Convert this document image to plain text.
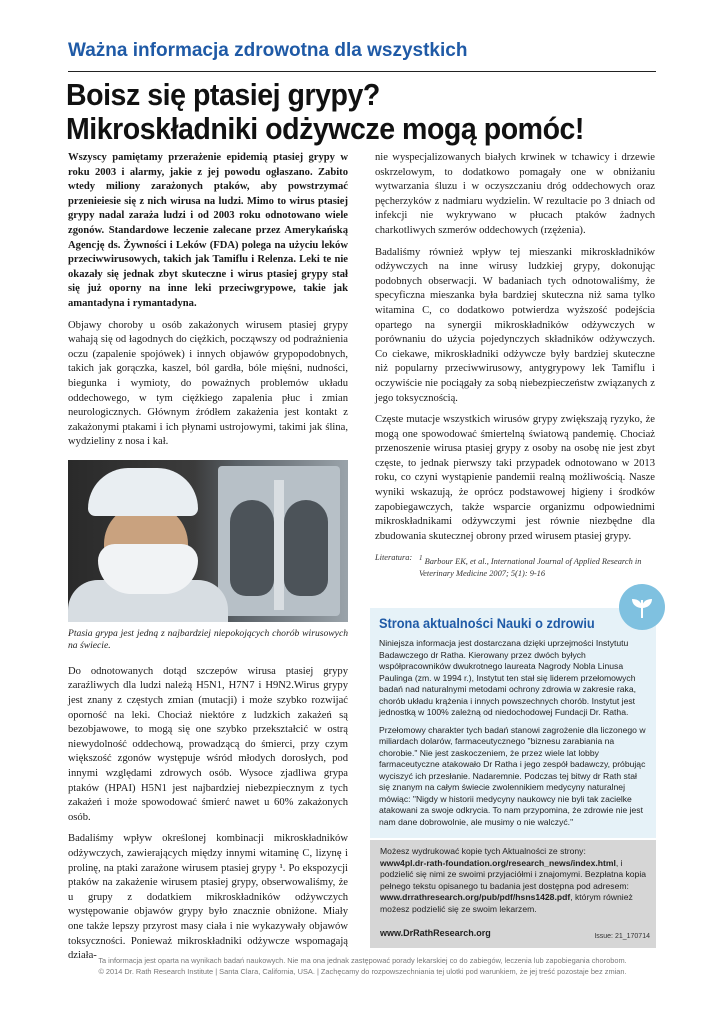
Ważna informacja zdrowotna dla wszystkich
Boisz się ptasiej grypy?
Mikroskładniki odżywcze mogą pomóc!

Wszyscy pamiętamy przerażenie epidemią ptasiej grypy w roku 2003 i alarmy, jakie z jej powodu ogłaszano. Zabito wtedy miliony zarażonych ptaków, aby powstrzymać przenieiesie się z nich wirusa na ludzi. Mimo to wirus ptasiej grypy nadal zaraża ludzi i od 2003 roku odnotowano wiele zgonów. Standardowe leczenie zalecane przez Amerykańską Agencję ds. Żywności i Leków (FDA) polega na użyciu leków przeciwwirusowych, takich jak Tamiflu i Relenza. Leki te nie okazały się jednak zbyt skuteczne i wirus ptasiej grypy stał się już oporny na inne leki przeciwgrypowe, takie jak amantadyna i rymantadyna.

Objawy choroby u osób zakażonych wirusem ptasiej grypy wahają się od łagodnych do ciężkich, począwszy od podrażnienia oczu (zapalenie spojówek) i innych objawów grypopodobnych, takich jak gorączka, kaszel, ból gardła, bóle mięśni, nudności, biegunka i wymioty, do poważnych problemów układu oddechowego, w tym ciężkiego zapalenia płuc i zmian neurologicznych. Głównym źródłem zakażenia jest kontakt z zakażonymi ptakami i ich płynami ustrojowymi, takimi jak ślina, wydzieliny z nosa i kał.

Ptasia grypa jest jedną z najbardziej niepokojących chorób wirusowych na świecie.

Do odnotowanych dotąd szczepów wirusa ptasiej grypy zaraźliwych dla ludzi należą H5N1, H7N7 i H9N2.Wirus grypy jest znany z częstych zmian (mutacji) i może szybko rozwijać oporność na leki. Chociaż niektóre z ludzkich zakażeń są bezobjawowe, to mogą się one szybko przekształcić w ostrą niewydolność oddechową, prowadzącą do śmierci, przy czym większość zgonów występuje wśród młodych dorosłych, pod innymi względami zdrowych osób. Wysoce zjadliwa grypa ptaków (HPAI) H5N1 jest najbardziej niebezpiecznym z tych zakażeń i może spowodować śmierć nawet u 60% zakażonych osób.

Badaliśmy wpływ określonej kombinacji mikroskładników odżywczych, zawierających między innymi witaminę C, lizynę i prolinę, na ptaki zarażone wirusem ptasiej grypy ¹. Po ekspozycji ptaków na zakażenie wirusem ptasiej grypy, obserwowaliśmy, że u grupy z dodatkiem mikroskładników odżywczych występowanie objawów grypy było znacznie obniżone. Miały one także lepszy przyrost masy ciała i nie wykazywały objawów toksyczności. Ponieważ mikroskładniki odżywcze wspomagają działa-

nie wyspecjalizowanych białych krwinek w tchawicy i drzewie oskrzelowym, to dodatkowo pomagały one w obniżaniu wytwarzania śluzu i w oczyszczaniu dróg oddechowych oraz pęcherzyków z nadmiaru wydzielin. W rezultacie po 3 dniach od infekcji nie wykrywano w płucach ptaków żadnych charkotliwych szmerów oddechowych (rzężenia).

Badaliśmy również wpływ tej mieszanki mikroskładników odżywczych na inne wirusy ludzkiej grypy, dokonując podobnych obserwacji. W badaniach tych odnotowaliśmy, że specyficzna mieszanka była bardziej skuteczna niż sama tylko witamina C, co dodatkowo potwierdza wyższość podejścia opartego na synergii mikroskładników odżywczych w porównaniu do użycia pojedynczych składników odżywczych. Co ciekawe, mikroskładniki odżywcze były bardziej skuteczne niż popularny przeciwwirusowy, antygrypowy lek Tamiflu i oczywiście nie pociągały za sobą niebezpieczeństw związanych z jego toksycznością.

Częste mutacje wszystkich wirusów grypy zwiększają ryzyko, że mogą one spowodować śmiertelną światową pandemię. Chociaż przenoszenie wirusa ptasiej grypy z osoby na osobę nie jest zbyt częste, to jednak pierwszy taki przypadek odnotowano w 2013 roku, co czyni wystąpienie pandemii realną możliwością. Nasze wyniki wskazują, że oprócz podstawowej higieny i środków zapobiegawczych, także wsparcie organizmu odpowiednimi mikroskładnikami odżywczymi jest równie niezbędne dla zbudowania skutecznej obrony przed wirusem ptasiej grypy.

Literatura: $^1$ Barbour EK, et al., International Journal of Applied Research in Veterinary Medicine 2007; 5(1): 9-16
Strona aktualności Nauki o zdrowiu

Niniejsza informacja jest dostarczana dzięki uprzejmości Instytutu Badawczego dr Ratha. Kierowany przez dwóch byłych współpracowników dwukrotnego laureata Nagrody Nobla Linusa Paulinga (zm. w 1994 r.), Instytut ten stał się liderem przełomowych badań nad naturalnymi metodami ochrony zdrowia w zakresie raka, chorób układu krążenia i innych powszechnych chorób. Instytut jest jednostką w 100% zależną od niedochodowej Fundacji Dr. Ratha.

Przełomowy charakter tych badań stanowi zagrożenie dla liczonego w miliardach dolarów, farmaceutycznego "biznesu zarabiania na chorobie." Nie jest zaskoczeniem, że przez wiele lat lobby farmaceutyczne atakowało Dr Ratha i jego zespół badawczy, próbując wyciszyć ich przesłanie. Nadaremnie. Podczas tej bitwy dr Rath stał się znanym na całym świecie zwolennikiem medycyny naturalnej mówiąc: "Nigdy w historii medycyny naukowcy nie byli tak zacielke atakowani za swoje odkrycia. To nam przypomina, że zdrowie nie jest nam dane dobrowolnie, ale musimy o nie walczyć."

Możesz wydrukować kopie tych Aktualności ze strony:
www4pl.dr-rath-foundation.org/research_news/index.html, i podzielić się nimi ze swoimi przyjaciółmi i znajomymi. Bezpłatna kopia pełnego tekstu opisanego tu badania jest dostępna pod adresem:
www.drrathresearch.org/pub/pdf/hsns1428.pdf, którym również możesz podzielić się ze swoim lekarzem.

www.DrRathResearch.org	Issue: 21_170714
Ta informacja jest oparta na wynikach badań naukowych. Nie ma ona jednak zastępować porady lekarskiej co do zabiegów, leczenia lub zapobiegania chorobom.
© 2014 Dr. Rath Research Institute | Santa Clara, California, USA. | Zachęcamy do rozpowszechniania tej ulotki pod warunkiem, że jej treść pozostaje bez zmian.
